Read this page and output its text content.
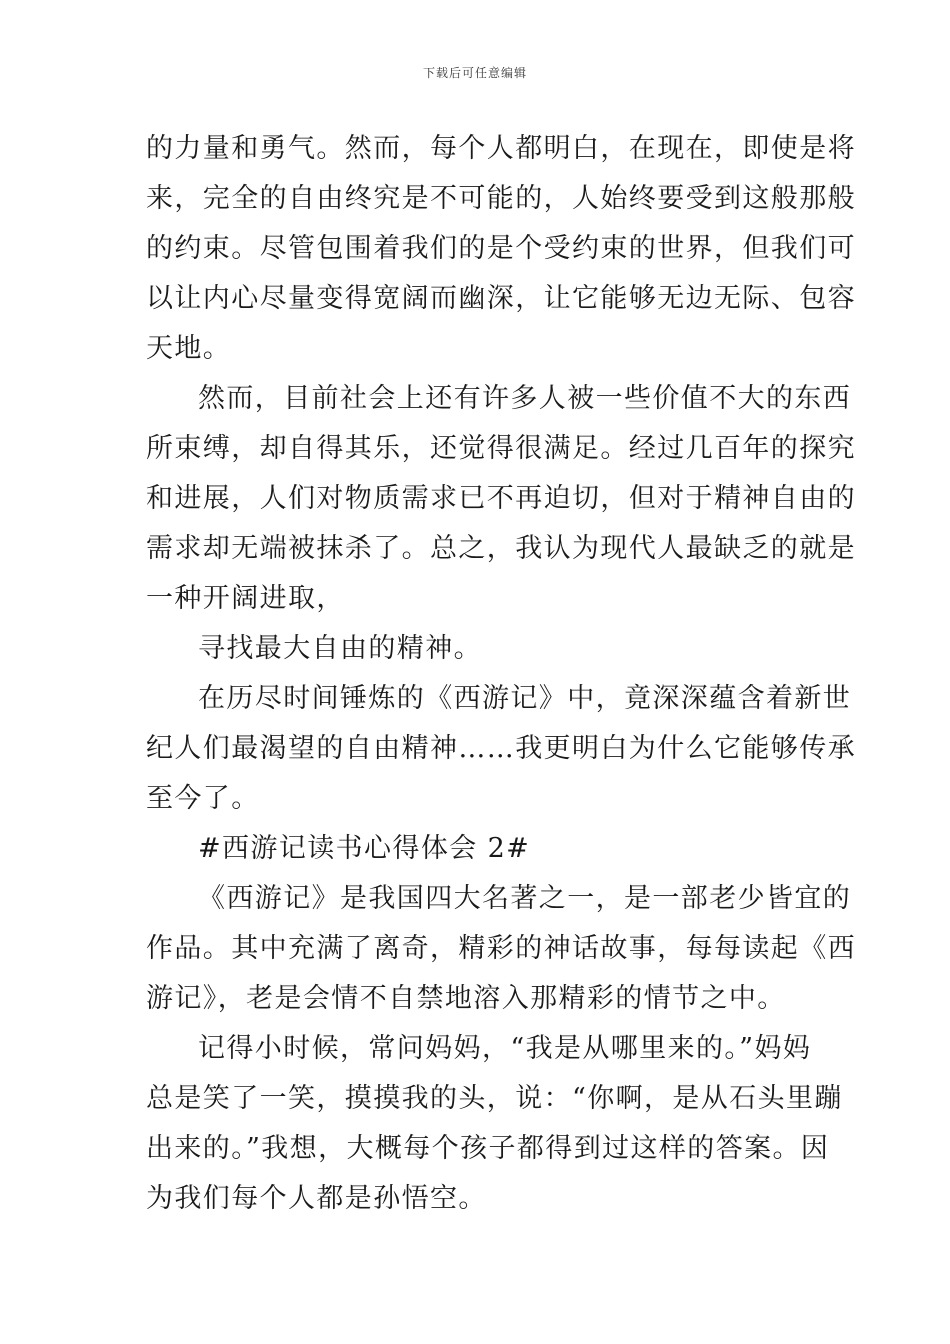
下载后可任意编辑
的力量和勇气。然而，每个人都明白，在现在，即使是将
来，完全的自由终究是不可能的，人始终要受到这般那般
的约束。尽管包围着我们的是个受约束的世界，但我们可
以让内心尽量变得宽阔而幽深，让它能够无边无际、包容
天地。
然而，目前社会上还有许多人被一些价值不大的东西
所束缚，却自得其乐，还觉得很满足。经过几百年的探究
和进展，人们对物质需求已不再迫切，但对于精神自由的
需求却无端被抹杀了。总之，我认为现代人最缺乏的就是
一种开阔进取，
寻找最大自由的精神。
在历尽时间锤炼的《西游记》中，竟深深蕴含着新世
纪人们最渴望的自由精神……我更明白为什么它能够传承
至今了。
#西游记读书心得体会 2#
《西游记》是我国四大名著之一，是一部老少皆宜的
作品。其中充满了离奇，精彩的神话故事，每每读起《西
游记》，老是会情不自禁地溶入那精彩的情节之中。
记得小时候，常问妈妈，“我是从哪里来的。”妈妈
总是笑了一笑，摸摸我的头，说：“你啊，是从石头里蹦
出来的。”我想，大概每个孩子都得到过这样的答案。因
为我们每个人都是孙悟空。
